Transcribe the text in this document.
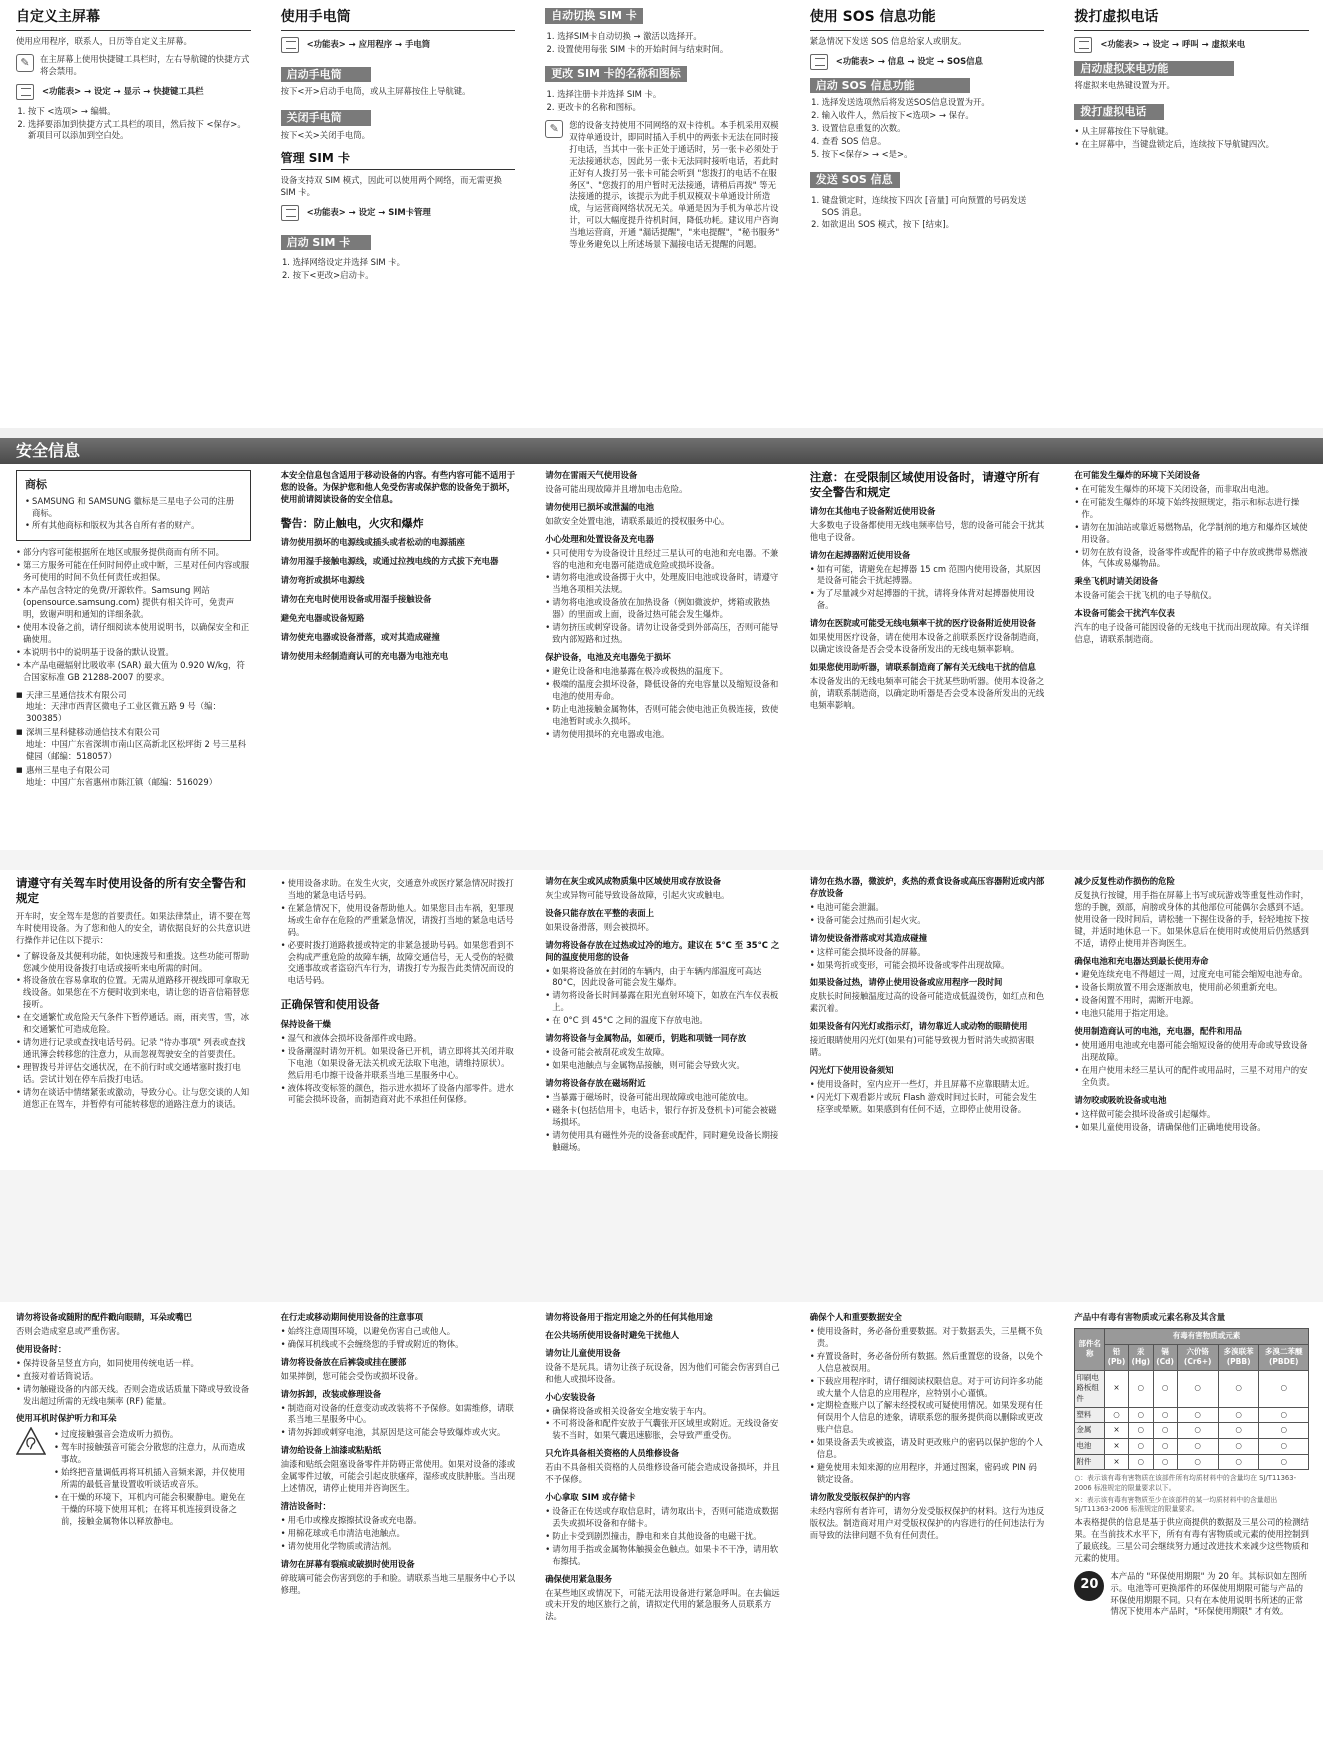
自定义主屏幕

使用应用程序，联系人，日历等自定义主屏幕。

✎	在主屏幕上使用快捷键工具栏时，左右导航键的快捷方式将会禁用。
<功能表> → 设定 → 显示 → 快捷键工具栏
1. 按下 <选项> → 编辑。
2. 选择要添加到快捷方式工具栏的项目，然后按下 <保存>。新项目可以添加到空白处。
使用手电筒
<功能表> → 应用程序 → 手电筒
启动手电筒

按下<开>启动手电筒，或从主屏幕按住上导航键。

关闭手电筒

按下<关>关闭手电筒。

管理 SIM 卡

设备支持双 SIM 模式，因此可以使用两个网络，而无需更换 SIM 卡。

<功能表> → 设定 → SIM卡管理
启动 SIM 卡
1. 选择网络设定并选择 SIM 卡。
2. 按下<更改>启动卡。
自动切换 SIM 卡
1. 选择SIM卡自动切换 → 激活以选择开。
2. 设置使用每张 SIM 卡的开始时间与结束时间。
更改 SIM 卡的名称和图标
1. 选择注册卡并选择 SIM 卡。
2. 更改卡的名称和图标。
✎	您的设备支持使用不同网络的双卡待机。本手机采用双模双待单通设计，即同时插入手机中的两张卡无法在同时接打电话，当其中一张卡正处于通话时，另一张卡必须处于无法接通状态，因此另一张卡无法同时接听电话，若此时正好有人拨打另一张卡可能会听到 "您拨打的电话不在服务区"、"您拨打的用户暂时无法接通，请稍后再拨" 等无法接通的提示，该提示为此手机双模双卡单通设计所造成，与运营商网络状况无关。单通是因为手机为单芯片设计，可以大幅度提升待机时间，降低功耗。建议用户咨询当地运营商，开通 "漏话提醒"，"来电提醒"，"秘书服务" 等业务避免以上所述场景下漏接电话无提醒的问题。
使用 SOS 信息功能

紧急情况下发送 SOS 信息给家人或朋友。

<功能表> → 信息 → 设定 → SOS信息
启动 SOS 信息功能
1. 选择发送选项然后将发送SOS信息设置为开。
2. 输入收件人，然后按下<选项> → 保存。
3. 设置信息重复的次数。
4. 查看 SOS 信息。
5. 按下<保存> → <是>。
发送 SOS 信息
1. 键盘锁定时，连续按下四次 [音量] 可向预置的号码发送 SOS 消息。
2. 如欲退出 SOS 模式，按下 [结束]。
拨打虚拟电话
<功能表> → 设定 → 呼叫 → 虚拟来电
启动虚拟来电功能

将虚拟来电热键设置为开。

拨打虚拟电话
• 从主屏幕按住下导航键。
• 在主屏幕中，当键盘锁定后，连续按下导航键四次。
安全信息
商标
• SAMSUNG 和 SAMSUNG 徽标是三星电子公司的注册商标。
• 所有其他商标和版权为其各自所有者的财产。
• 部分内容可能根据所在地区或服务提供商而有所不同。
• 第三方服务可能在任何时间停止或中断，三星对任何内容或服务可使用的时间不负任何责任或担保。
• 本产品包含特定的免费/开源软件。Samsung 网站 (opensource.samsung.com) 提供有相关许可，免责声明，致谢声明和通知的详细条款。
• 使用本设备之前，请仔细阅读本使用说明书，以确保安全和正确使用。
• 本说明书中的说明基于设备的默认设置。
• 本产品电磁辐射比吸收率 (SAR) 最大值为 0.920 W/kg，符合国家标准 GB 21288-2007 的要求。
■ 天津三星通信技术有限公司
地址：天津市西青区微电子工业区微五路 9 号（编：300385）
■ 深圳三星科健移动通信技术有限公司
地址：中国广东省深圳市南山区高新北区松坪街 2 号三星科健园（邮编：518057）
■ 惠州三星电子有限公司
地址：中国广东省惠州市陈江镇（邮编：516029）
本安全信息包含适用于移动设备的内容。有些内容可能不适用于您的设备。为保护您和他人免受伤害或保护您的设备免于损坏，使用前请阅读设备的安全信息。
警告：防止触电，火灾和爆炸

请勿使用损坏的电源线或插头或者松动的电源插座

请勿用湿手接触电源线，或通过拉拽电线的方式拔下充电器

请勿弯折或损坏电源线

请勿在充电时使用设备或用湿手接触设备

避免充电器或设备短路

请勿使充电器或设备滑落，或对其造成碰撞

请勿使用未经制造商认可的充电器为电池充电

请勿在雷雨天气使用设备

设备可能出现故障并且增加电击危险。

请勿使用已损坏或泄漏的电池

如欲安全处置电池，请联系最近的授权服务中心。

小心处理和处置设备及充电器
• 只可使用专为设备设计且经过三星认可的电池和充电器。不兼容的电池和充电器可能造成危险或损坏设备。
• 请勿将电池或设备掷于火中，处理废旧电池或设备时，请遵守当地各项相关法规。
• 请勿将电池或设备放在加热设备（例如微波炉，烤箱或散热器）的里面或上面，设备过热可能会发生爆炸。
• 请勿挤压或刺穿设备。请勿让设备受到外部高压，否则可能导致内部短路和过热。
保护设备，电池及充电器免于损坏
• 避免让设备和电池暴露在极冷或极热的温度下。
• 极端的温度会损坏设备，降低设备的充电容量以及缩短设备和电池的使用寿命。
• 防止电池接触金属物体，否则可能会使电池正负极连接，致使电池暂时或永久损坏。
• 请勿使用损坏的充电器或电池。
注意：在受限制区域使用设备时，请遵守所有安全警告和规定
请勿在其他电子设备附近使用设备

大多数电子设备都使用无线电频率信号，您的设备可能会干扰其他电子设备。

请勿在起搏器附近使用设备
• 如有可能，请避免在起搏器 15 cm 范围内使用设备，其原因是设备可能会干扰起搏器。
• 为了尽量减少对起搏器的干扰，请将身体背对起搏器使用设备。
请勿在医院或可能受无线电频率干扰的医疗设备附近使用设备

如果使用医疗设备，请在使用本设备之前联系医疗设备制造商，以确定该设备是否会受本设备所发出的无线电频率影响。

如果您使用助听器，请联系制造商了解有关无线电干扰的信息

本设备发出的无线电频率可能会干扰某些助听器。使用本设备之前，请联系制造商，以确定助听器是否会受本设备所发出的无线电频率影响。

在可能发生爆炸的环境下关闭设备
• 在可能发生爆炸的环境下关闭设备，而非取出电池。
• 在可能发生爆炸的环境下始终按照规定，指示和标志进行操作。
• 请勿在加油站或靠近易燃物品，化学制剂的地方和爆炸区域使用设备。
• 切勿在放有设备，设备零件或配件的箱子中存放或携带易燃液体，气体或易爆物品。
乘坐飞机时请关闭设备

本设备可能会干扰飞机的电子导航仪。

本设备可能会干扰汽车仪表

汽车的电子设备可能因设备的无线电干扰而出现故障。有关详细信息，请联系制造商。

请遵守有关驾车时使用设备的所有安全警告和规定

开车时，安全驾车是您的首要责任。如果法律禁止，请不要在驾车时使用设备。为了您和他人的安全，请依据良好的公共意识进行操作并记住以下提示：

• 了解设备及其便利功能，如快速拨号和重拨。这些功能可帮助您减少使用设备拨打电话或接听来电所需的时间。
• 将设备放在容易拿取的位置。无需从道路移开视线即可拿取无线设备。如果您在不方便时收到来电，请让您的语音信箱替您接听。
• 在交通繁忙或危险天气条件下暂停通话。雨，雨夹雪，雪，冰和交通繁忙可造成危险。
• 请勿进行记录或查找电话号码。记录 "待办事项" 列表或查找通讯簿会转移您的注意力，从而忽视驾驶安全的首要责任。
• 理智拨号并评估交通状况，在不前行时或交通堵塞时拨打电话。尝试计划在停车后拨打电话。
• 请勿在谈话中情绪紧张或激动，导致分心。让与您交谈的人知道您正在驾车，并暂停有可能转移您的道路注意力的谈话。
• 使用设备求助。在发生火灾，交通意外或医疗紧急情况时拨打当地的紧急电话号码。
• 在紧急情况下，使用设备帮助他人。如果您目击车祸，犯罪现场或生命存在危险的严重紧急情况，请拨打当地的紧急电话号码。
• 必要时拨打道路救援或特定的非紧急援助号码。如果您看到不会构成严重危险的故障车辆，故障交通信号，无人受伤的轻微交通事故或者盗窃汽车行为，请拨打专为报告此类情况而设的电话号码。
正确保管和使用设备
保持设备干燥
• 湿气和液体会损坏设备部件或电路。
• 设备潮湿时请勿开机。如果设备已开机，请立即将其关闭并取下电池（如果设备无法关机或无法取下电池，请维持原状）。然后用毛巾擦干设备并联系当地三星服务中心。
• 液体将改变标签的颜色，指示进水损坏了设备内部零件。进水可能会损坏设备，而制造商对此不承担任何保修。
请勿在灰尘或风成物质集中区域使用或存放设备

灰尘或异物可能导致设备故障，引起火灾或触电。

设备只能存放在平整的表面上

如果设备滑落，则会被损坏。

请勿将设备存放在过热或过冷的地方。建议在 5°C 至 35°C 之间的温度使用您的设备
• 如果将设备放在封闭的车辆内，由于车辆内部温度可高达 80°C，因此设备可能会发生爆炸。
• 请勿将设备长时间暴露在阳光直射环境下，如放在汽车仪表板上。
• 在 0°C 到 45°C 之间的温度下存放电池。
请勿将设备与金属物品，如硬币，钥匙和项链一同存放
• 设备可能会被刮花或发生故障。
• 如果电池触点与金属物品接触，则可能会导致火灾。
请勿将设备存放在磁场附近
• 当暴露于磁场时，设备可能出现故障或电池可能放电。
• 磁条卡(包括信用卡，电话卡，银行存折及登机卡)可能会被磁场损坏。
• 请勿使用具有磁性外壳的设备套或配件，同时避免设备长期接触磁场。
请勿在热水器，微波炉，炙热的煮食设备或高压容器附近或内部存放设备
• 电池可能会泄漏。
• 设备可能会过热而引起火灾。
请勿使设备滑落或对其造成碰撞
• 这样可能会损坏设备的屏幕。
• 如果弯折或变形，可能会损坏设备或零件出现故障。
如果设备过热，请停止使用设备或应用程序一段时间

皮肤长时间接触温度过高的设备可能造成低温烫伤，如红点和色素沉着。

如果设备有闪光灯或指示灯，请勿靠近人或动物的眼睛使用

接近眼睛使用闪光灯(如果有)可能导致视力暂时消失或损害眼睛。

闪光灯下使用设备须知
• 使用设备时，室内应开一些灯，并且屏幕不应靠眼睛太近。
• 闪光灯下观看影片或玩 Flash 游戏时间过长时，可能会发生痉挛或晕厥。如果感到有任何不适，立即停止使用设备。
减少反复性动作损伤的危险

反复执行按键，用手指在屏幕上书写或玩游戏等重复性动作时，您的手腕，颈部，肩膀或身体的其他部位可能偶尔会感到不适。使用设备一段时间后，请松驰一下握住设备的手，轻轻地按下按键，并适时地休息一下。如果休息后在使用时或使用后仍然感到不适，请停止使用并咨询医生。

确保电池和充电器达到最长使用寿命
• 避免连续充电不得超过一周，过度充电可能会缩短电池寿命。
• 设备长期放置不用会逐渐放电，使用前必须重新充电。
• 设备闲置不用时，需断开电源。
• 电池只能用于指定用途。
使用制造商认可的电池，充电器，配件和用品
• 使用通用电池或充电器可能会缩短设备的使用寿命或导致设备出现故障。
• 在用户使用未经三星认可的配件或用品时，三星不对用户的安全负责。
请勿咬或吸吮设备或电池
• 这样做可能会损坏设备或引起爆炸。
• 如果儿童使用设备，请确保他们正确地使用设备。
请勿将设备或随附的配件戳向眼睛，耳朵或嘴巴

否则会造成窒息或严重伤害。

使用设备时：
• 保持设备呈竖直方向，如同使用传统电话一样。
• 直接对着话筒说话。
• 请勿触碰设备的内部天线。否则会造成话质量下降或导致设备发出超过所需的无线电频率 (RF) 能量。
使用耳机时保护听力和耳朵
• 过度接触强音会造成听力损伤。
• 驾车时接触强音可能会分散您的注意力，从而造成事故。
• 始终把音量调低再将耳机插入音频来源，并仅使用所需的最低音量设置收听谈话或音乐。
• 在干燥的环境下，耳机内可能会积聚静电。避免在干燥的环境下使用耳机；在将耳机连接到设备之前，接触金属物体以释放静电。
在行走或移动期间使用设备的注意事项
• 始终注意周围环境，以避免伤害自己或他人。
• 确保耳机线或不会缠绕您的手臂或附近的物体。
请勿将设备放在后裤袋或挂在腰部

如果摔倒，您可能会受伤或损坏设备。

请勿拆卸，改装或修理设备
• 制造商对设备的任意变动或改装将不予保修。如需维修，请联系当地三星服务中心。
• 请勿拆卸或刺穿电池，其原因是这可能会导致爆炸或火灾。
请勿给设备上油漆或粘贴纸

油漆和贴纸会阻塞设备零件并防碍正常使用。如果对设备的漆或金属零件过敏，可能会引起皮肤瘙痒，湿疹或皮肤肿胀。当出现上述情况，请停止使用并咨询医生。

清洁设备时：
• 用毛巾或橡皮擦擦拭设备或充电器。
• 用棉花球或毛巾清洁电池触点。
• 请勿使用化学物质或清洁剂。
请勿在屏幕有裂痕或破损时使用设备

碎玻璃可能会伤害到您的手和脸。请联系当地三星服务中心予以修理。

请勿将设备用于指定用途之外的任何其他用途
在公共场所使用设备时避免干扰他人
请勿让儿童使用设备

设备不是玩具。请勿让孩子玩设备，因为他们可能会伤害到自己和他人或损坏设备。

小心安装设备
• 确保将设备或相关设备安全地安装于车内。
• 不可将设备和配件安放于气囊张开区域里或附近。无线设备安装不当时，如果气囊迅速膨胀，会导致严重受伤。
只允许具备相关资格的人员维修设备

若由不具备相关资格的人员维修设备可能会造成设备损坏，并且不予保修。

小心拿取 SIM 或存储卡
• 设备正在传送或存取信息时，请勿取出卡，否则可能造成数据丢失或损坏设备和存储卡。
• 防止卡受到剧烈撞击，静电和来自其他设备的电磁干扰。
• 请勿用手指或金属物体触摸金色触点。如果卡不干净，请用软布擦拭。
确保使用紧急服务

在某些地区或情况下，可能无法用设备进行紧急呼叫。在去偏远或未开发的地区旅行之前，请拟定代用的紧急服务人员联系方法。

确保个人和重要数据安全
• 使用设备时，务必备份重要数据。对于数据丢失，三星概不负责。
• 弃置设备时，务必备份所有数据。然后重置您的设备，以免个人信息被误用。
• 下载应用程序时，请仔细阅读权限信息。对于可访问许多功能或大量个人信息的应用程序，应特别小心谨慎。
• 定期检查账户以了解未经授权或可疑使用情况。如果发现有任何误用个人信息的迹象，请联系您的服务提供商以删除或更改账户信息。
• 如果设备丢失或被盗，请及时更改账户的密码以保护您的个人信息。
• 避免使用未知来源的应用程序，并通过图案，密码或 PIN 码锁定设备。
请勿散发受版权保护的内容

未经内容所有者许可，请勿分发受版权保护的材料。这行为违反版权法。制造商对用户对受版权保护的内容进行的任何违法行为而导致的法律问题不负有任何责任。

产品中有毒有害物质或元素名称及其含量
部件名称	有毒有害物质或元素					
	铅(Pb)	汞(Hg)	镉(Cd)	六价铬 (Cr6+)	多溴联苯 (PBB)	多溴二苯醚 (PBDE)
印刷电路板组件	×	○	○	○	○	○
塑料	○	○	○	○	○	○
金属	×	○	○	○	○	○
电池	×	○	○	○	○	○
附件	×	○	○	○	○	○
○：表示该有毒有害物质在该部件所有均质材料中的含量均在 SJ/T11363-2006 标准规定的限量要求以下。
×：表示该有毒有害物质至少在该部件的某一均质材料中的含量超出 SJ/T11363-2006 标准规定的限量要求。

本表格提供的信息是基于供应商提供的数据及三星公司的检测结果。在当前技术水平下，所有有毒有害物质或元素的使用控制到了最底线。三星公司会继续努力通过改进技术来减少这些物质和元素的使用。

20
本产品的 "环保使用期限" 为 20 年。其标识如左图所示。电池等可更换部件的环保使用期限可能与产品的环保使用期限不同。只有在本使用说明书所述的正常情况下使用本产品时，"环保使用期限" 才有效。
